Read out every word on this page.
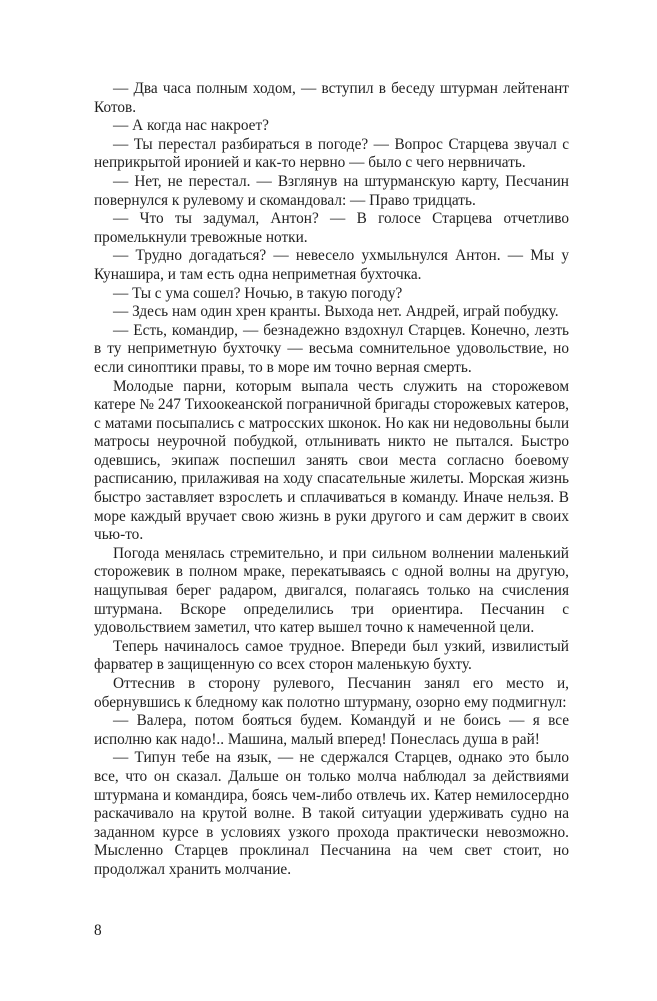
— Два часа полным ходом, — вступил в беседу штурман лейтенант Котов.

— А когда нас накроет?

— Ты перестал разбираться в погоде? — Вопрос Старцева звучал с неприкрытой иронией и как-то нервно — было с чего нервничать.

— Нет, не перестал. — Взглянув на штурманскую карту, Песчанин повернулся к рулевому и скомандовал: — Право тридцать.

— Что ты задумал, Антон? — В голосе Старцева отчетливо промелькнули тревожные нотки.

— Трудно догадаться? — невесело ухмыльнулся Антон. — Мы у Кунашира, и там есть одна неприметная бухточка.

— Ты с ума сошел? Ночью, в такую погоду?

— Здесь нам один хрен кранты. Выхода нет. Андрей, играй побудку.

— Есть, командир, — безнадежно вздохнул Старцев. Конечно, лезть в ту неприметную бухточку — весьма сомнительное удовольствие, но если синоптики правы, то в море им точно верная смерть.

Молодые парни, которым выпала честь служить на сторожевом катере № 247 Тихоокеанской пограничной бригады сторожевых катеров, с матами посыпались с матросских шконок. Но как ни недовольны были матросы неурочной побудкой, отлынивать никто не пытался. Быстро одевшись, экипаж поспешил занять свои места согласно боевому расписанию, прилаживая на ходу спасательные жилеты. Морская жизнь быстро заставляет взрослеть и сплачиваться в команду. Иначе нельзя. В море каждый вручает свою жизнь в руки другого и сам держит в своих чью-то.

Погода менялась стремительно, и при сильном волнении маленький сторожевик в полном мраке, перекатываясь с одной волны на другую, нащупывая берег радаром, двигался, полагаясь только на счисления штурмана. Вскоре определились три ориентира. Песчанин с удовольствием заметил, что катер вышел точно к намеченной цели.

Теперь начиналось самое трудное. Впереди был узкий, извилистый фарватер в защищенную со всех сторон маленькую бухту.

Оттеснив в сторону рулевого, Песчанин занял его место и, обернувшись к бледному как полотно штурману, озорно ему подмигнул:

— Валера, потом бояться будем. Командуй и не боись — я все исполню как надо!.. Машина, малый вперед! Понеслась душа в рай!

— Типун тебе на язык, — не сдержался Старцев, однако это было все, что он сказал. Дальше он только молча наблюдал за действиями штурмана и командира, боясь чем-либо отвлечь их. Катер немилосердно раскачивало на крутой волне. В такой ситуации удерживать судно на заданном курсе в условиях узкого прохода практически невозможно. Мысленно Старцев проклинал Песчанина на чем свет стоит, но продолжал хранить молчание.

8
